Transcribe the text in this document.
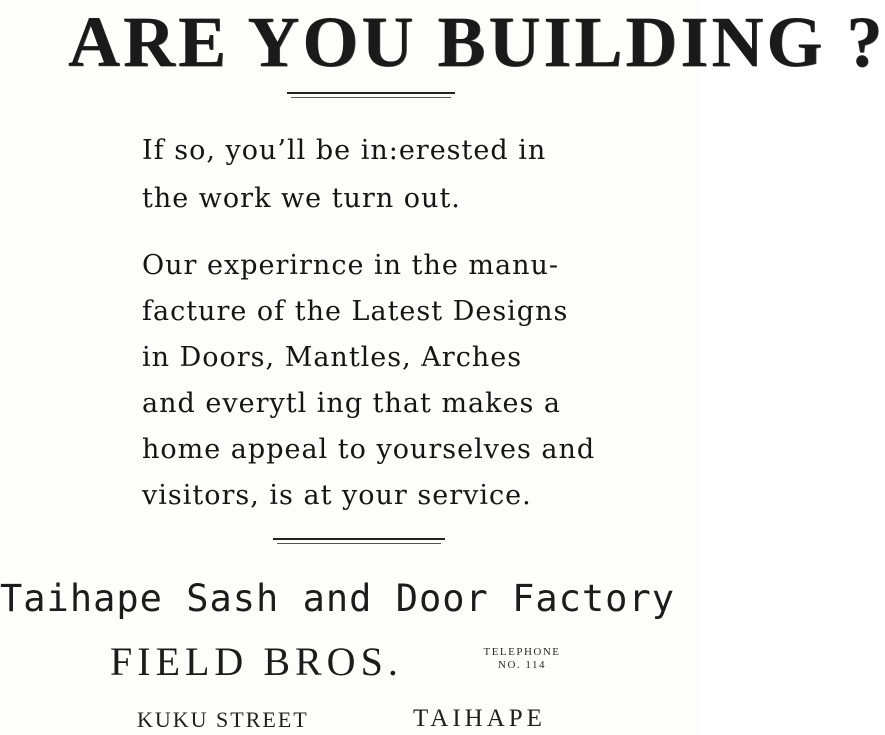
ARE YOU BUILDING ?
If so, you’ll be in:erested in
the work we turn out.
Our experirnce in the manu-
facture of the Latest Designs
in Doors, Mantles, Arches
and everytl ing that makes a
home appeal to yourselves and
visitors, is at your service.
Taihape Sash and Door Factory
FIELD BROS.	TELEPHONE
NO. 114
KUKU STREET	TAIHAPE
